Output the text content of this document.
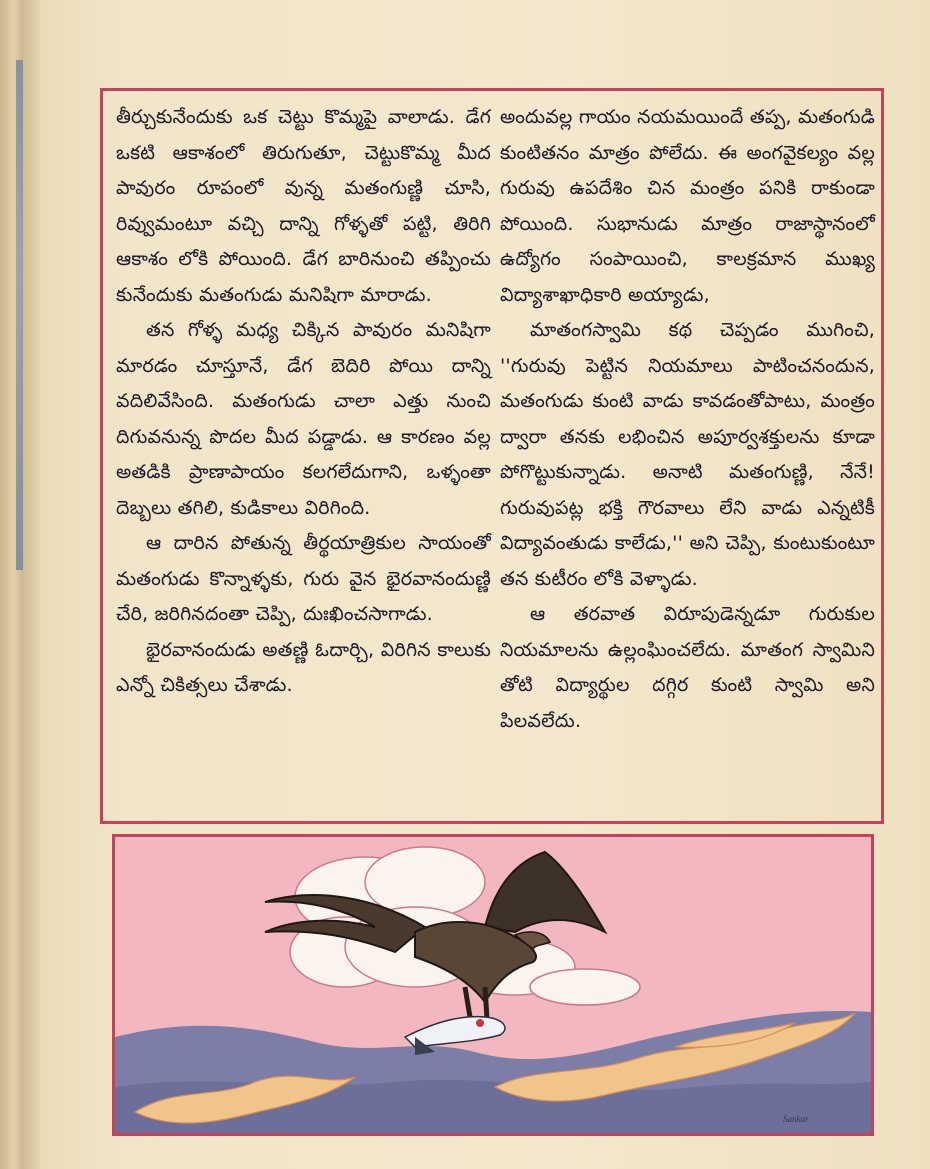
తీర్చుకునేందుకు ఒక చెట్టు కొమ్మపై వాలాడు. డేగ ఒకటి ఆకాశంలో తిరుగుతూ, చెట్టుకొమ్మ మీద పావురం రూపంలో వున్న మతంగుణ్ణి చూసి, రివ్వుమంటూ వచ్చి దాన్ని గోళ్ళతో పట్టి, తిరిగి ఆకాశం లోకి పోయింది. డేగ బారినుంచి తప్పించు కునేందుకు మతంగుడు మనిషిగా మారాడు.

తన గోళ్ళ మధ్య చిక్కిన పావురం మనిషిగా మారడం చూస్తూనే, డేగ బెదిరి పోయి దాన్ని వదిలివేసింది. మతంగుడు చాలా ఎత్తు నుంచి దిగువనున్న పొదల మీద పడ్డాడు. ఆ కారణం వల్ల అతడికి ప్రాణాపాయం కలగలేదుగాని, ఒళ్ళంతా దెబ్బలు తగిలి, కుడికాలు విరిగింది.

ఆ దారిన పోతున్న తీర్థయాత్రికుల సాయంతో మతంగుడు కొన్నాళ్ళకు, గురు వైన భైరవానందుణ్ణి చేరి, జరిగినదంతా చెప్పి, దుఃఖించసాగాడు.

భైరవానందుడు అతణ్ణి ఓదార్చి, విరిగిన కాలుకు ఎన్నో చికిత్సలు చేశాడు.

అందువల్ల గాయం నయమయిందే తప్ప, మతంగుడి కుంటితనం మాత్రం పోలేదు. ఈ అంగవైకల్యం వల్ల గురువు ఉపదేశిం చిన మంత్రం పనికి రాకుండా పోయింది. సుభానుడు మాత్రం రాజాస్థానంలో ఉద్యోగం సంపాయించి, కాలక్రమాన ముఖ్య విద్యాశాఖాధికారి అయ్యాడు,

మాతంగస్వామి కథ చెప్పడం ముగించి, ''గురువు పెట్టిన నియమాలు పాటించనందున, మతంగుడు కుంటి వాడు కావడంతోపాటు, మంత్రం ద్వారా తనకు లభించిన అపూర్వశక్తులను కూడా పోగొట్టుకున్నాడు. అనాటి మతంగుణ్ణి, నేనే! గురువుపట్ల భక్తి గౌరవాలు లేని వాడు ఎన్నటికీ విద్యావంతుడు కాలేడు,'' అని చెప్పి, కుంటుకుంటూ తన కుటీరం లోకి వెళ్ళాడు.

ఆ తరవాత విరూపుడెన్నడూ గురుకుల నియమాలను ఉల్లంఘించలేదు. మాతంగ స్వామిని తోటి విద్యార్థుల దగ్గిర కుంటి స్వామి అని పిలవలేదు.

Sankar
